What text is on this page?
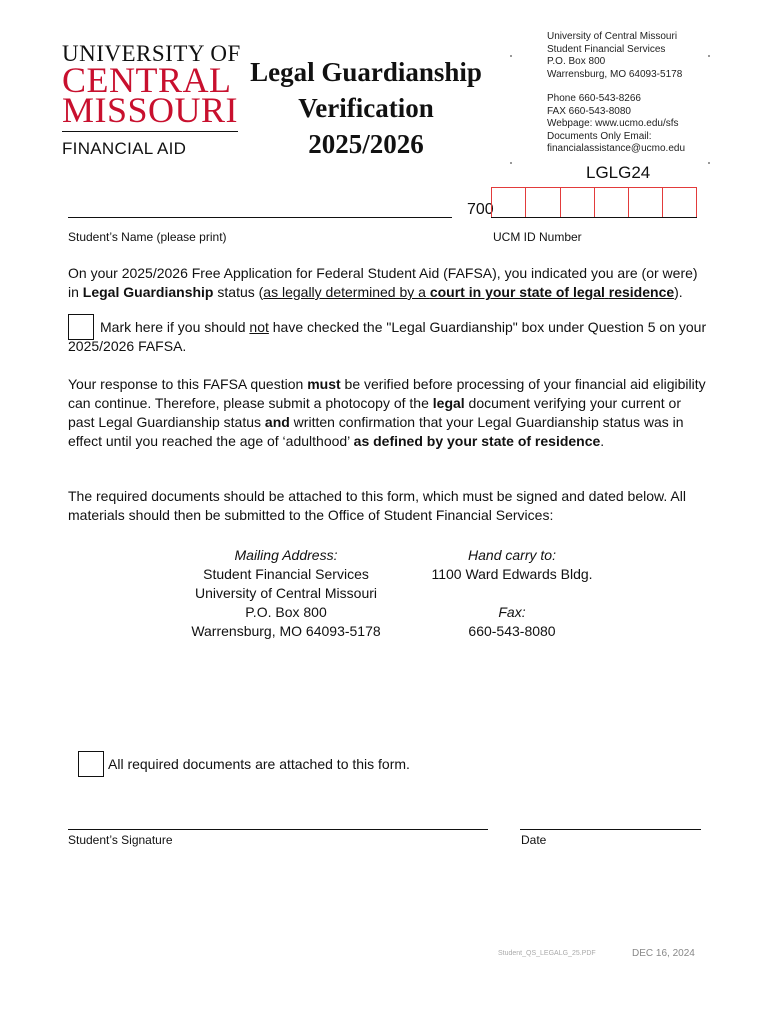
UNIVERSITY OF
CENTRAL
MISSOURI
FINANCIAL AID
Legal Guardianship
Verification
2025/2026
University of Central Missouri
Student Financial Services
P.O. Box 800
Warrensburg, MO 64093-5178
Phone 660-543-8266
FAX 660-543-8080
Webpage: www.ucmo.edu/sfs
Documents Only Email:
financialassistance@ucmo.edu
LGLG24
700
Student’s Name (please print)	UCM ID Number
On your 2025/2026 Free Application for Federal Student Aid (FAFSA), you indicated you are (or were) in Legal Guardianship status (as legally determined by a court in your state of legal residence).
Mark here if you should not have checked the "Legal Guardianship" box under Question 5 on your 2025/2026 FAFSA.
Your response to this FAFSA question must be verified before processing of your financial aid eligibility can continue. Therefore, please submit a photocopy of the legal document verifying your current or past Legal Guardianship status and written confirmation that your Legal Guardianship status was in effect until you reached the age of ‘adulthood’ as defined by your state of residence.
The required documents should be attached to this form, which must be signed and dated below. All materials should then be submitted to the Office of Student Financial Services:
Mailing Address:
Student Financial Services
University of Central Missouri
P.O. Box 800
Warrensburg, MO 64093-5178
Hand carry to:
1100 Ward Edwards Bldg.
Fax:
660-543-8080
All required documents are attached to this form.
Student’s Signature	Date
Student_QS_LEGALG_25.PDF	DEC 16, 2024
